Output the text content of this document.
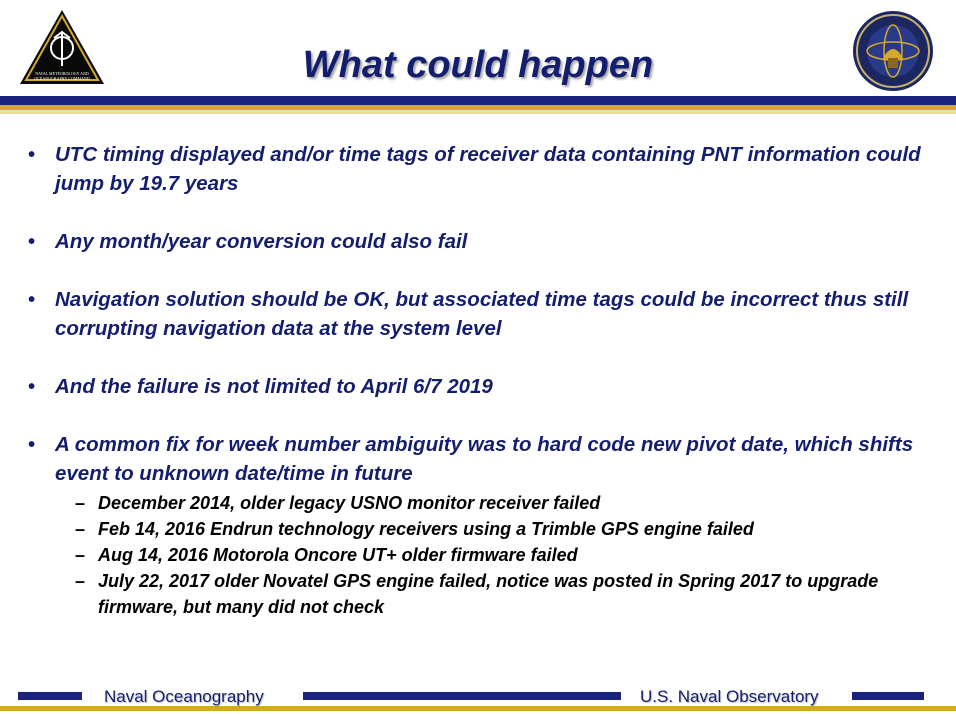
NAVAL METEOROLOGY AND
OCEANOGRAPHY COMMAND	What could happen
• UTC timing displayed and/or time tags of receiver data containing PNT information could jump by 19.7 years
• Any month/year conversion could also fail
• Navigation solution should be OK, but associated time tags could be incorrect thus still corrupting navigation data at the system level
• And the failure is not limited to April 6/7 2019
• A common fix for week number ambiguity was to hard code new pivot date, which shifts event to unknown date/time in future
– December 2014, older legacy USNO monitor receiver failed
– Feb 14, 2016 Endrun technology receivers using a Trimble GPS engine failed
– Aug 14, 2016 Motorola Oncore UT+ older firmware failed
– July 22, 2017 older Novatel GPS engine failed, notice was posted in Spring 2017 to upgrade firmware, but many did not check
Naval Oceanography	U.S. Naval Observatory
